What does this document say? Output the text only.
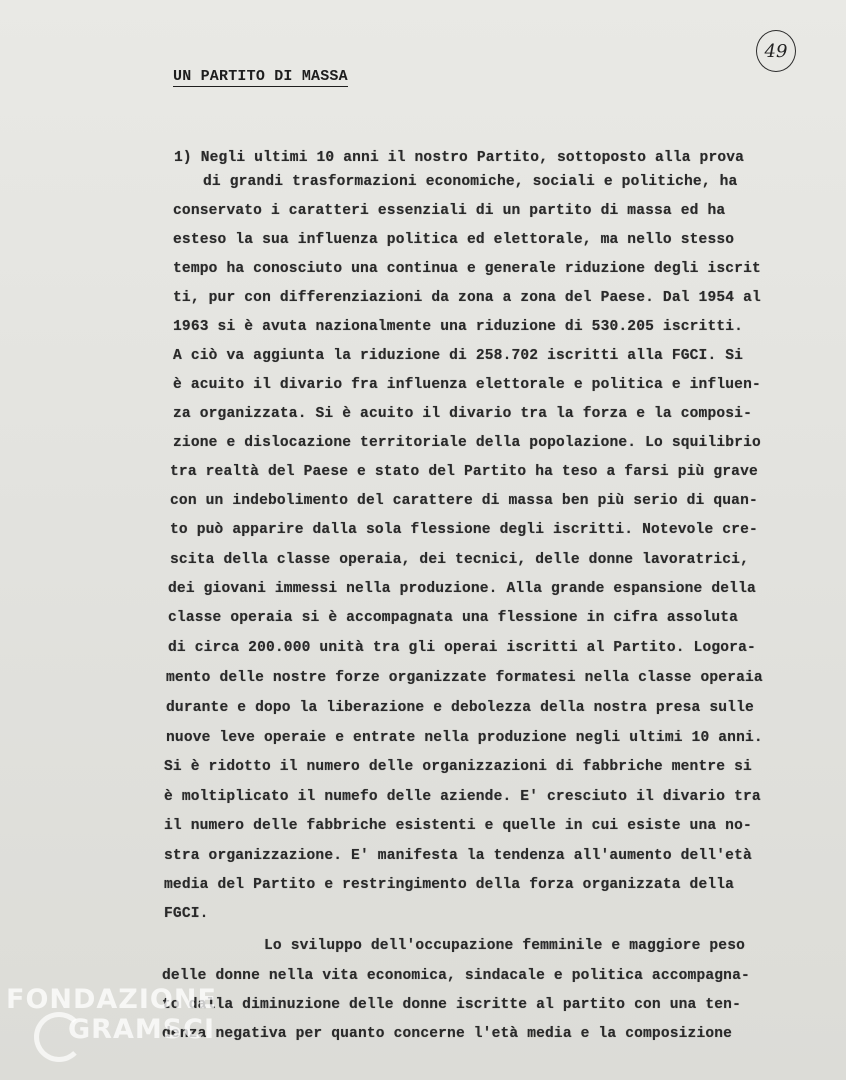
49
UN PARTITO DI MASSA
1) Negli ultimi 10 anni il nostro Partito, sottoposto alla prova
di grandi trasformazioni economiche, sociali e politiche, ha
conservato i caratteri essenziali di un partito di massa ed ha
esteso la sua influenza politica ed elettorale, ma nello stesso
tempo ha conosciuto una continua e generale riduzione degli iscrit
ti, pur con differenziazioni da zona a zona del Paese. Dal 1954 al
1963 si è avuta nazionalmente una riduzione di 530.205 iscritti.
A ciò va aggiunta la riduzione di 258.702 iscritti alla FGCI. Si
è acuito il divario fra influenza elettorale e politica e influen-
za organizzata. Si è acuito il divario tra la forza e la composi-
zione e dislocazione territoriale della popolazione. Lo squilibrio
tra realtà del Paese e stato del Partito ha teso a farsi più grave
con un indebolimento del carattere di massa ben più serio di quan-
to può apparire dalla sola flessione degli iscritti. Notevole cre-
scita della classe operaia, dei tecnici, delle donne lavoratrici,
dei giovani immessi nella produzione. Alla grande espansione della
classe operaia si è accompagnata una flessione in cifra assoluta
di circa 200.000 unità tra gli operai iscritti al Partito. Logora-
mento delle nostre forze organizzate formatesi nella classe operaia
durante e dopo la liberazione e debolezza della nostra presa sulle
nuove leve operaie e entrate nella produzione negli ultimi 10 anni.
Si è ridotto il numero delle organizzazioni di fabbriche mentre si
è moltiplicato il numefo delle aziende. E' cresciuto il divario tra
il numero delle fabbriche esistenti e quelle in cui esiste una no-
stra organizzazione. E' manifesta la tendenza all'aumento dell'età
media del Partito e restringimento della forza organizzata della
FGCI.
Lo sviluppo dell'occupazione femminile e maggiore peso
delle donne nella vita economica, sindacale e politica accompagna-
to dalla diminuzione delle donne iscritte al partito con una ten-
denza negativa per quanto concerne l'età media e la composizione
FONDAZIONE
GRAMSCI
